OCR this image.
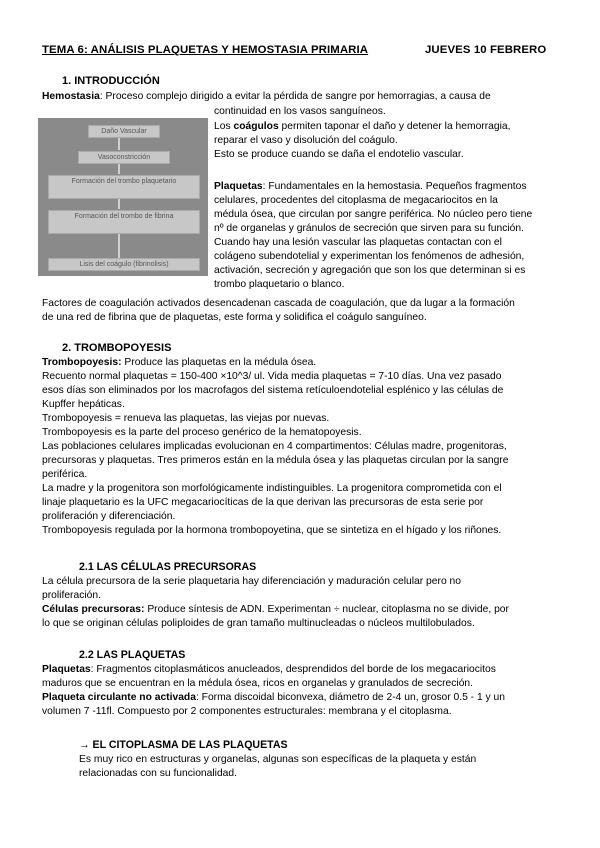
TEMA 6: ANÁLISIS PLAQUETAS Y HEMOSTASIA PRIMARIA	JUEVES 10 FEBRERO
1. INTRODUCCIÓN
Hemostasia: Proceso complejo dirigido a evitar la pérdida de sangre por hemorragias, a causa de
continuidad en los vasos sanguíneos.
Daño Vascular
Vasoconstricción
Formación del trombo plaquetario
Formación del trombo de fibrina
Lisis del coágulo (fibrinolisis)
Los coágulos permiten taponar el daño y detener la hemorragia,
reparar el vaso y disolución del coágulo.
Esto se produce cuando se daña el endotelio vascular.
Plaquetas: Fundamentales en la hemostasia. Pequeños fragmentos
celulares, procedentes del citoplasma de megacariocitos en la
médula ósea, que circulan por sangre periférica. No núcleo pero tiene
nº de organelas y gránulos de secreción que sirven para su función.
Cuando hay una lesión vascular las plaquetas contactan con el
colágeno subendotelial y experimentan los fenómenos de adhesión,
activación, secreción y agregación que son los que determinan si es
trombo plaquetario o blanco.
Factores de coagulación activados desencadenan cascada de coagulación, que da lugar a la formación
de una red de fibrina que de plaquetas, este forma y solidifica el coágulo sanguíneo.
2. TROMBOPOYESIS
Trombopoyesis: Produce las plaquetas en la médula ósea.
Recuento normal plaquetas = 150-400 ×10^3/ ul. Vida media plaquetas = 7-10 días. Una vez pasado
esos días son eliminados por los macrofagos del sistema retículoendotelial esplénico y las células de
Kupffer hepáticas.
Trombopoyesis = renueva las plaquetas, las viejas por nuevas.
Trombopoyesis es la parte del proceso genérico de la hematopoyesis.
Las poblaciones celulares implicadas evolucionan en 4 compartimentos: Células madre, progenitoras,
precursoras y plaquetas. Tres primeros están en la médula ósea y las plaquetas circulan por la sangre
periférica.
La madre y la progenitora son morfológicamente indistinguibles. La progenitora comprometida con el
linaje plaquetario es la UFC megacariocíticas de la que derivan las precursoras de esta serie por
proliferación y diferenciación.
Trombopoyesis regulada por la hormona trombopoyetina, que se sintetiza en el hígado y los riñones.
2.1 LAS CÉLULAS PRECURSORAS
La célula precursora de la serie plaquetaria hay diferenciación y maduración celular pero no
proliferación.
Células precursoras: Produce síntesis de ADN. Experimentan ÷ nuclear, citoplasma no se divide, por
lo que se originan células poliploides de gran tamaño multinucleadas o núcleos multilobulados.
2.2 LAS PLAQUETAS
Plaquetas: Fragmentos citoplasmáticos anucleados, desprendidos del borde de los megacariocitos
maduros que se encuentran en la médula ósea, ricos en organelas y granulados de secreción.
Plaqueta circulante no activada: Forma discoidal biconvexa, diámetro de 2-4 un, grosor 0.5 - 1 y un
volumen 7 -11fl. Compuesto por 2 componentes estructurales: membrana y el citoplasma.
→ EL CITOPLASMA DE LAS PLAQUETAS
Es muy rico en estructuras y organelas, algunas son específicas de la plaqueta y están
relacionadas con su funcionalidad.
